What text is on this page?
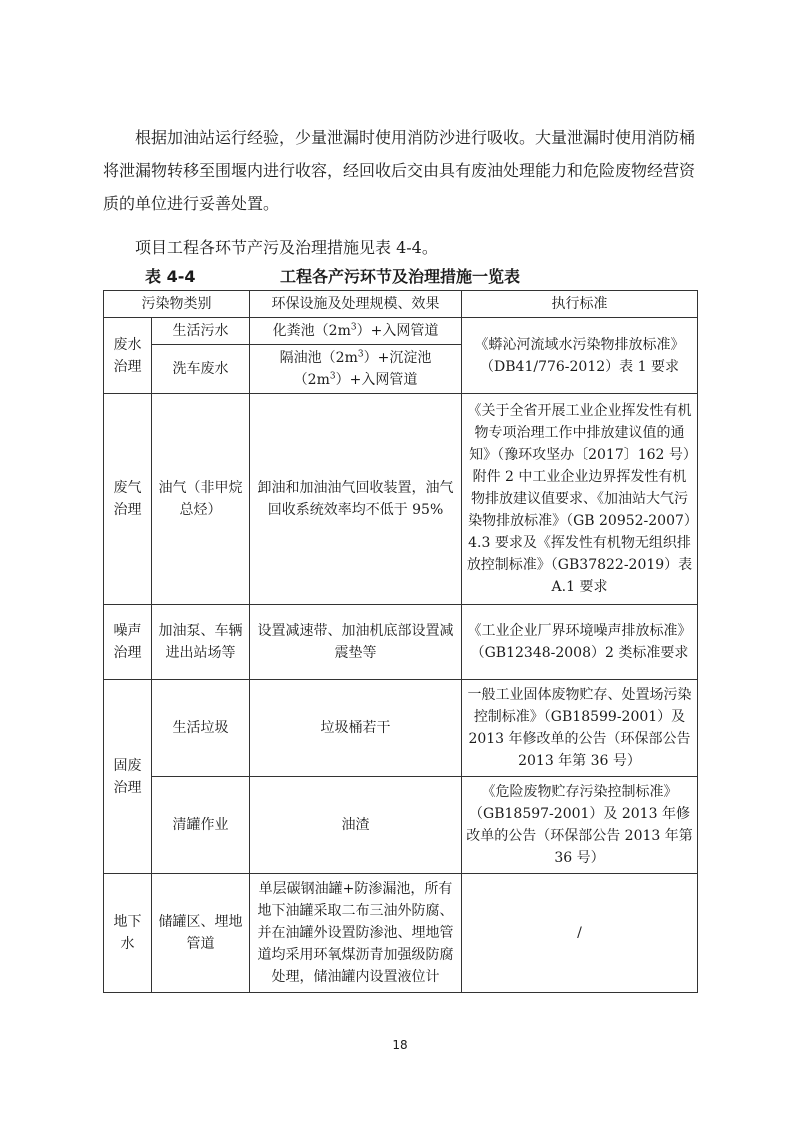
根据加油站运行经验，少量泄漏时使用消防沙进行吸收。大量泄漏时使用消防桶将泄漏物转移至围堰内进行收容，经回收后交由具有废油处理能力和危险废物经营资质的单位进行妥善处置。

项目工程各环节产污及治理措施见表 4-4。

表 4-4	工程各产污环节及治理措施一览表
污染物类别		环保设施及处理规模、效果	执行标准
废水治理	生活污水	化粪池$(2m^3)+$入网管道	《蟒沁河流域水污染物排放标准》（DB41/776-2012）表 1 要求
	洗车废水	隔油池$(2m^3)+$沉淀池$(2m^3)+$入网管道	
废气治理	油气（非甲烷总烃）	卸油和加油油气回收装置，油气回收系统效率均不低于 95%	《关于全省开展工业企业挥发性有机物专项治理工作中排放建议值的通知》（豫环攻坚办〔2017〕162 号）附件 2 中工业企业边界挥发性有机物排放建议值要求、《加油站大气污染物排放标准》（GB 20952-2007）4.3 要求及《挥发性有机物无组织排放控制标准》（GB37822-2019）表 A.1 要求
噪声治理	加油泵、车辆进出站场等	设置减速带、加油机底部设置减震垫等	《工业企业厂界环境噪声排放标准》（GB12348-2008）2 类标准要求
固废治理	生活垃圾	垃圾桶若干	一般工业固体废物贮存、处置场污染控制标准》（GB18599-2001）及 2013 年修改单的公告（环保部公告 2013 年第 36 号）
	清罐作业	油渣	《危险废物贮存污染控制标准》（GB18597-2001）及 2013 年修改单的公告（环保部公告 2013 年第 36 号）
地下水	储罐区、埋地管道	单层碳钢油罐+防渗漏池，所有地下油罐采取二布三油外防腐、并在油罐外设置防渗池、埋地管道均采用环氧煤沥青加强级防腐处理，储油罐内设置液位计	/
18
